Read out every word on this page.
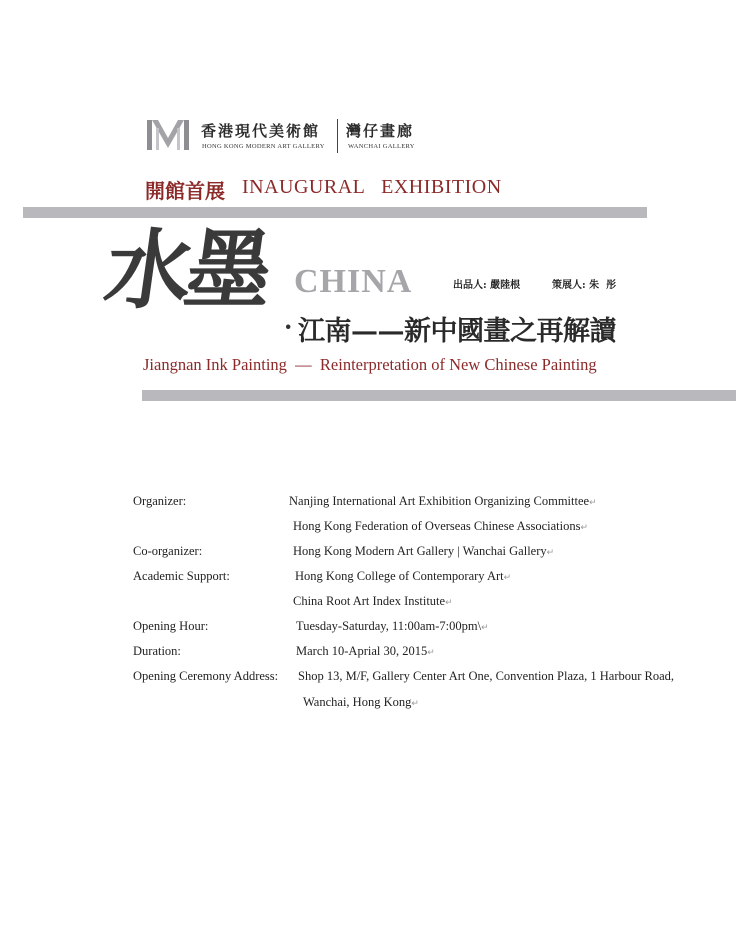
香港現代美術館
HONG KONG MODERN ART GALLERY
灣仔畫廊
WANCHAI GALLERY
開館首展 INAUGURAL   EXHIBITION
水墨 CHINA	出品人: 嚴陸根	策展人: 朱  彤
· 江南——新中國畫之再解讀
Jiangnan Ink Painting  —  Reinterpretation of New Chinese Painting
Organizer:	Nanjing International Art Exhibition Organizing Committee↵
Hong Kong Federation of Overseas Chinese Associations↵
Co-organizer:	Hong Kong Modern Art Gallery | Wanchai Gallery↵
Academic Support:	Hong Kong College of Contemporary Art↵
China Root Art Index Institute↵
Opening Hour:	Tuesday-Saturday, 11:00am-7:00pm\↵
Duration:	March 10-Aprial 30, 2015↵
Opening Ceremony Address: Shop 13, M/F, Gallery Center Art One, Convention Plaza, 1 Harbour Road,
Wanchai, Hong Kong↵
